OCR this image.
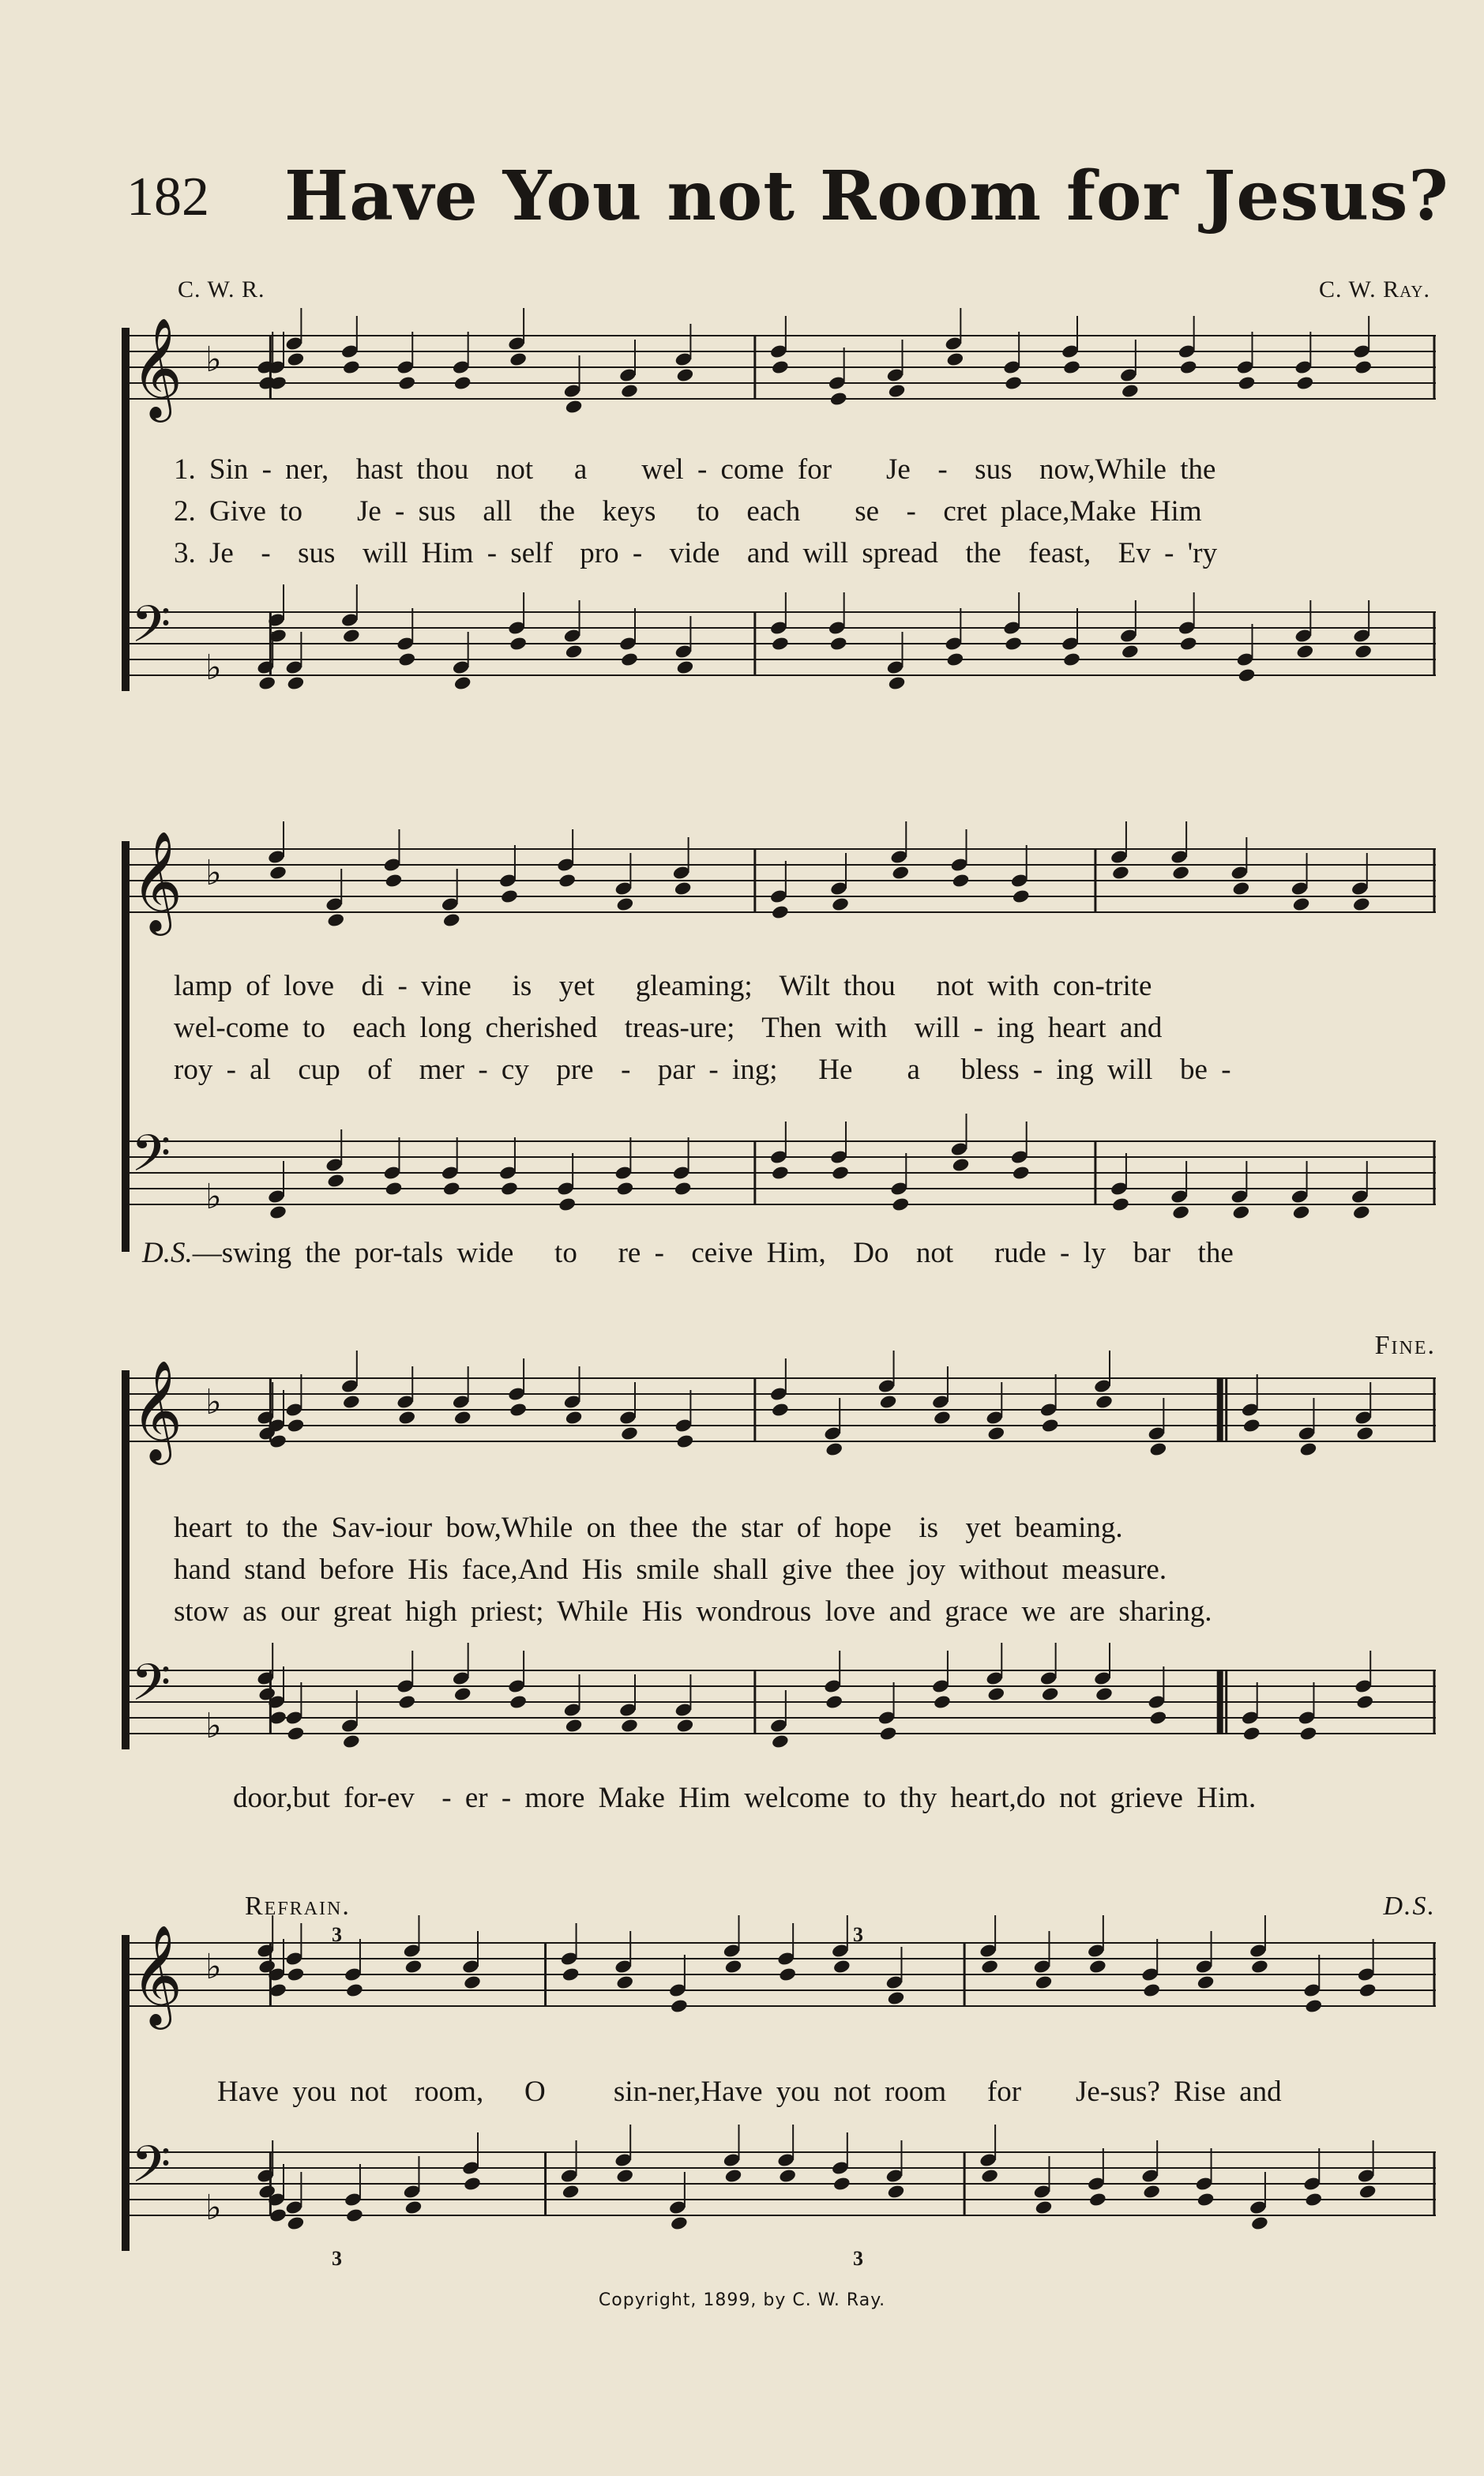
182 Have You not Room for Jesus?
C. W. R.	C. W. Ray.
𝄞 ♭

1. Sin - ner,  hast thou  not   a    wel - come for    Je  -  sus  now,While the

2. Give to    Je - sus  all  the  keys   to  each    se  -  cret place,Make Him

3. Je  -  sus  will Him - self  pro -  vide  and will spread  the  feast,  Ev - 'ry

𝄢
♭
𝄞 ♭

lamp of love  di - vine   is  yet   gleaming;  Wilt thou   not with con-trite

wel-come to  each long cherished  treas-ure;  Then with  will - ing heart and

roy - al  cup  of  mer - cy  pre  -  par - ing;   He    a   bless - ing will  be -

𝄢
♭

D.S.—swing the por-tals wide   to   re -  ceive Him,  Do  not   rude - ly  bar  the

Fine.
𝄞 ♭

heart to the Sav-iour bow,While on thee the star of hope  is  yet beaming.

hand stand before His face,And His smile shall give thee joy without measure.

stow as our great high priest; While His wondrous love and grace we are sharing.

𝄢
♭

door,but for-ev  - er - more Make Him welcome to thy heart,do not grieve Him.

Refrain.	D.S.
3	3
𝄞 ♭

Have you not  room,   O     sin-ner,Have you not room   for    Je-sus? Rise and

𝄢
♭
3	3
Copyright, 1899, by C. W. Ray.
